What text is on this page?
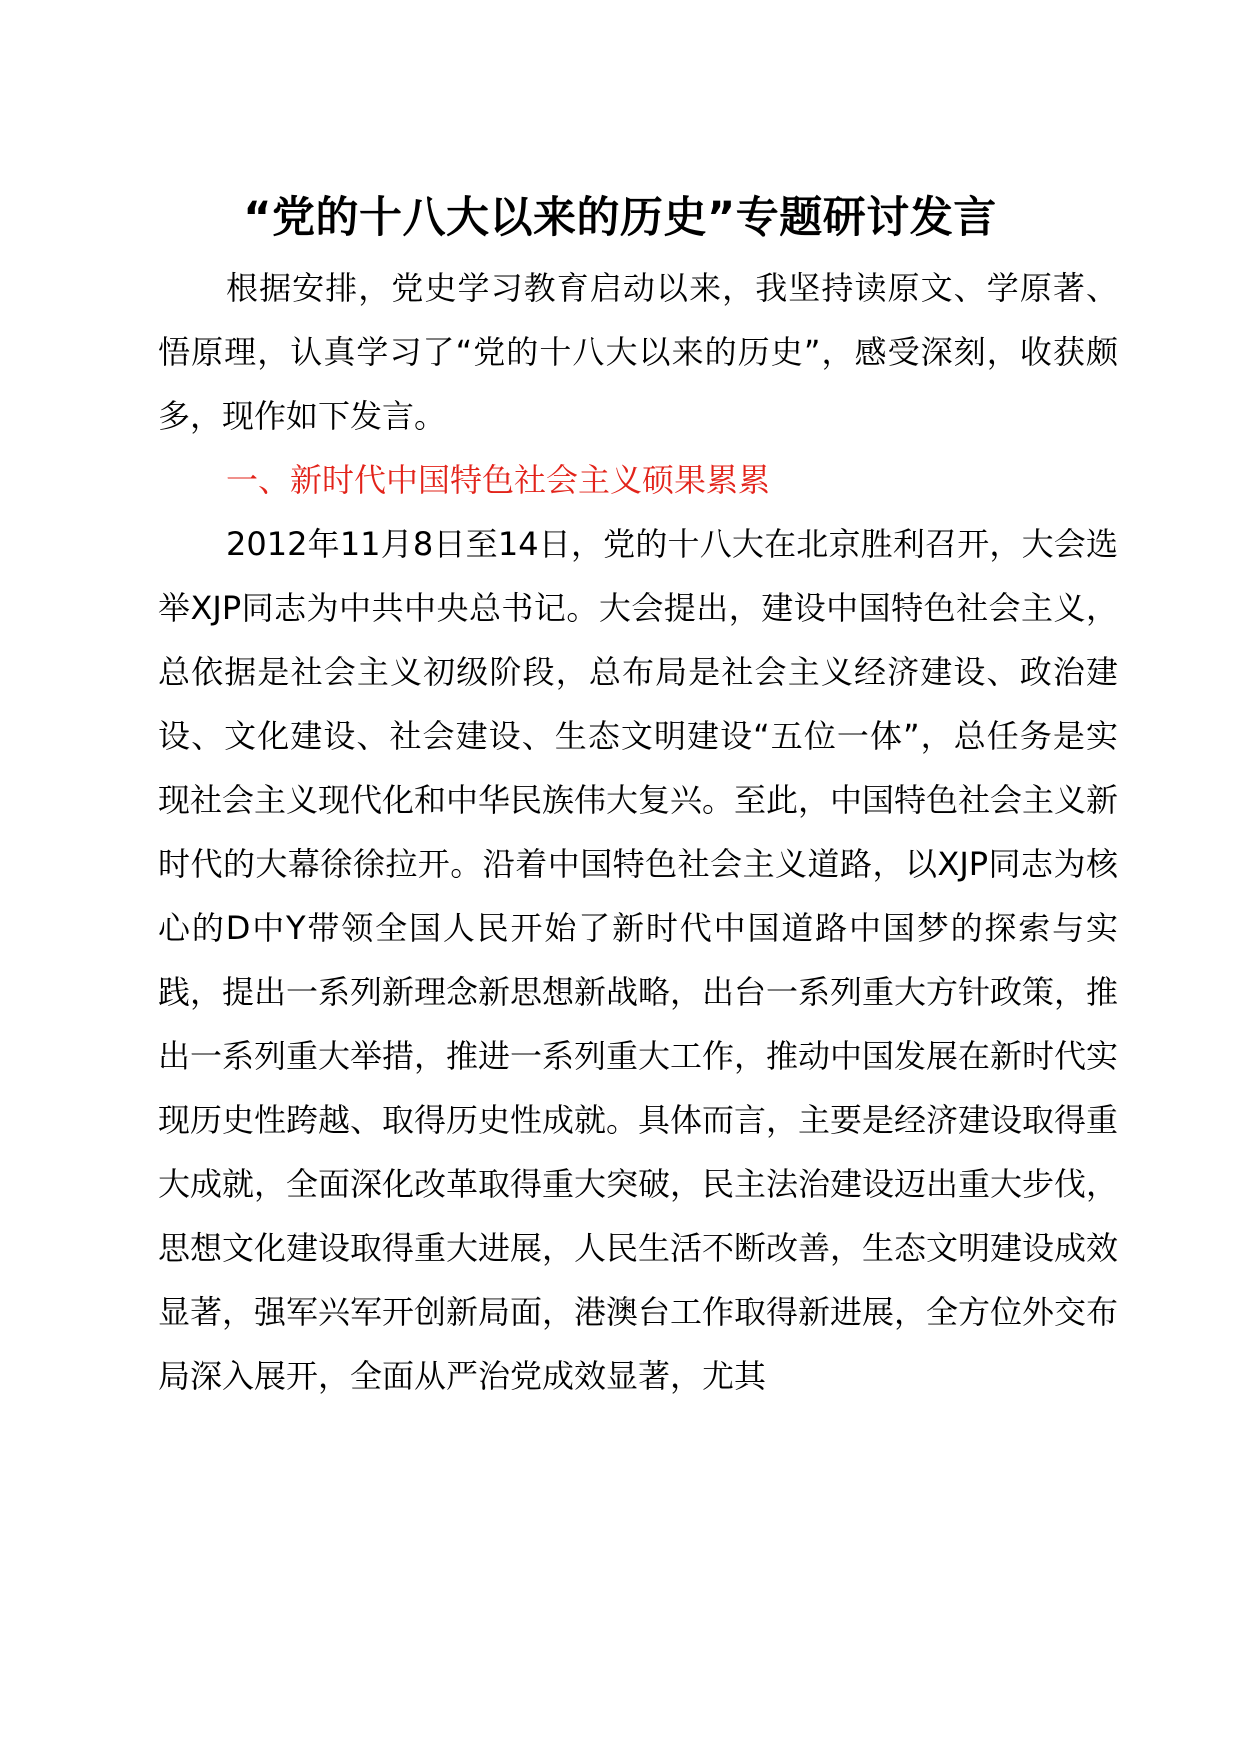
“党的十八大以来的历史”专题研讨发言

根据安排，党史学习教育启动以来，我坚持读原文、学原著、悟原理，认真学习了“党的十八大以来的历史”，感受深刻，收获颇多，现作如下发言。

一、新时代中国特色社会主义硕果累累

2012年11月8日至14日，党的十八大在北京胜利召开，大会选举XJP同志为中共中央总书记。大会提出，建设中国特色社会主义，总依据是社会主义初级阶段，总布局是社会主义经济建设、政治建设、文化建设、社会建设、生态文明建设“五位一体”，总任务是实现社会主义现代化和中华民族伟大复兴。至此，中国特色社会主义新时代的大幕徐徐拉开。沿着中国特色社会主义道路，以XJP同志为核心的D中Y带领全国人民开始了新时代中国道路中国梦的探索与实践，提出一系列新理念新思想新战略，出台一系列重大方针政策，推出一系列重大举措，推进一系列重大工作，推动中国发展在新时代实现历史性跨越、取得历史性成就。具体而言，主要是经济建设取得重大成就，全面深化改革取得重大突破，民主法治建设迈出重大步伐，思想文化建设取得重大进展，人民生活不断改善，生态文明建设成效显著，强军兴军开创新局面，港澳台工作取得新进展，全方位外交布局深入展开，全面从严治党成效显著，尤其
